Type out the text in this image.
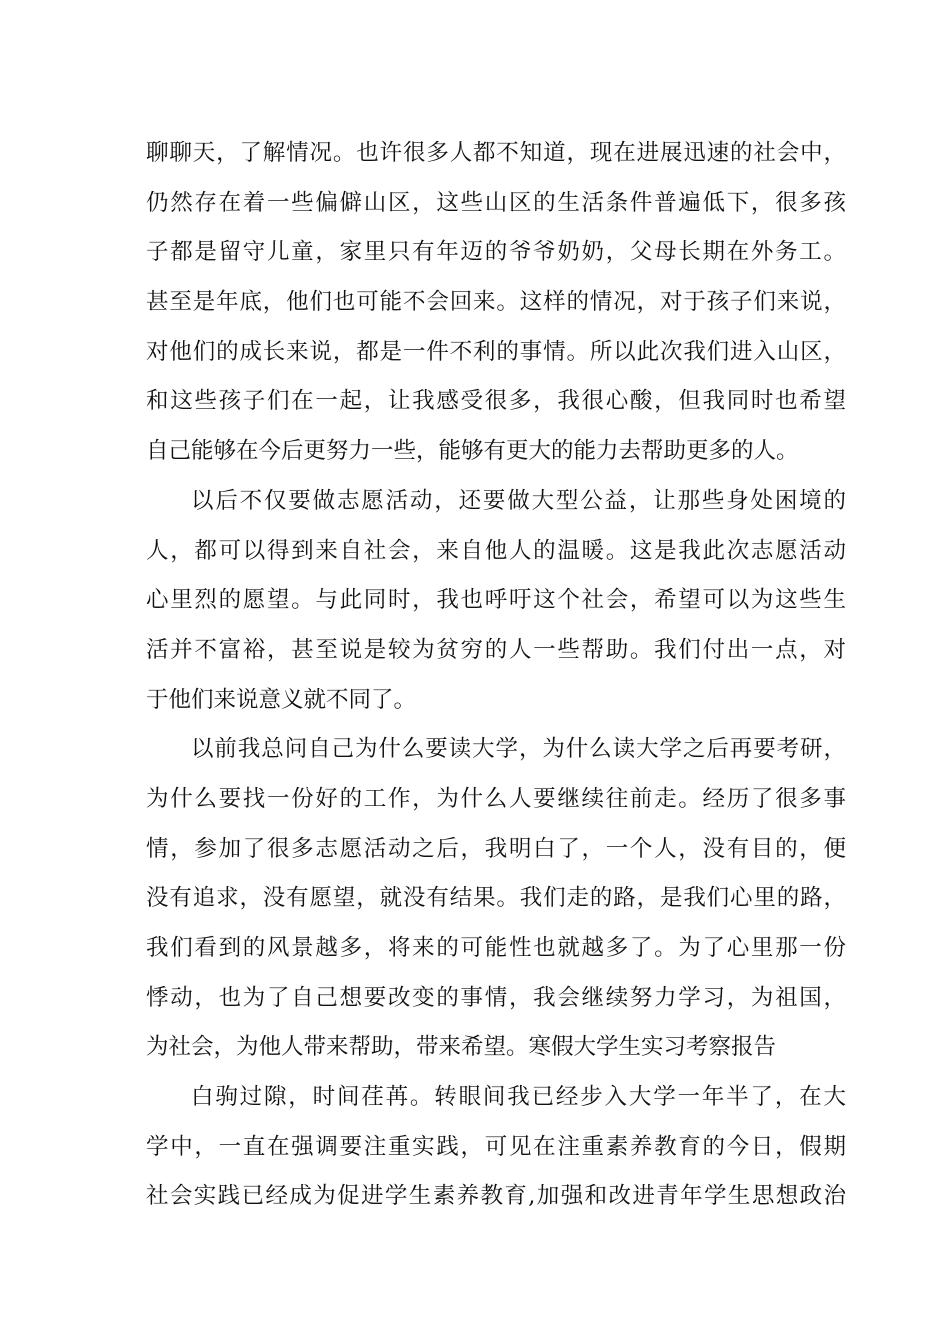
聊聊天，了解情况。也许很多人都不知道，现在进展迅速的社会中，
仍然存在着一些偏僻山区，这些山区的生活条件普遍低下，很多孩
子都是留守儿童，家里只有年迈的爷爷奶奶，父母长期在外务工。
甚至是年底，他们也可能不会回来。这样的情况，对于孩子们来说，
对他们的成长来说，都是一件不利的事情。所以此次我们进入山区，
和这些孩子们在一起，让我感受很多，我很心酸，但我同时也希望
自己能够在今后更努力一些，能够有更大的能力去帮助更多的人。
以后不仅要做志愿活动，还要做大型公益，让那些身处困境的
人，都可以得到来自社会，来自他人的温暖。这是我此次志愿活动
心里烈的愿望。与此同时，我也呼吁这个社会，希望可以为这些生
活并不富裕，甚至说是较为贫穷的人一些帮助。我们付出一点，对
于他们来说意义就不同了。
以前我总问自己为什么要读大学，为什么读大学之后再要考研，
为什么要找一份好的工作，为什么人要继续往前走。经历了很多事
情，参加了很多志愿活动之后，我明白了，一个人，没有目的，便
没有追求，没有愿望，就没有结果。我们走的路，是我们心里的路，
我们看到的风景越多，将来的可能性也就越多了。为了心里那一份
悸动，也为了自己想要改变的事情，我会继续努力学习，为祖国，
为社会，为他人带来帮助，带来希望。寒假大学生实习考察报告
白驹过隙，时间荏苒。转眼间我已经步入大学一年半了，在大
学中，一直在强调要注重实践，可见在注重素养教育的今日，假期
社会实践已经成为促进学生素养教育,加强和改进青年学生思想政治
